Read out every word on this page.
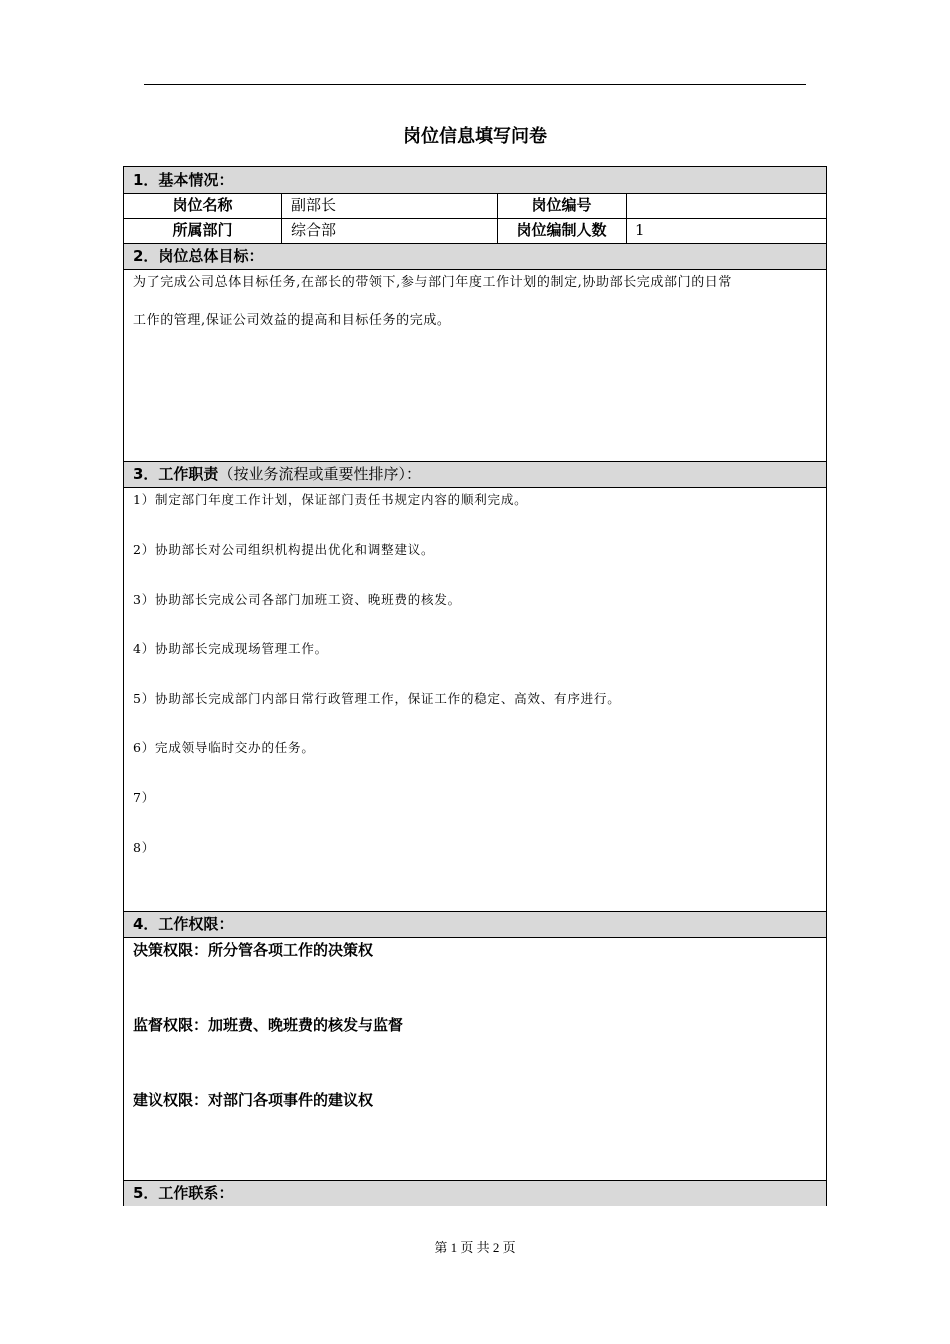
岗位信息填写问卷
1．基本情况：
岗位名称	副部长	岗位编号
所属部门	综合部	岗位编制人数	1
2．岗位总体目标：
为了完成公司总体目标任务,在部长的带领下,参与部门年度工作计划的制定,协助部长完成部门的日常
工作的管理,保证公司效益的提高和目标任务的完成。
3．工作职责（按业务流程或重要性排序）：
1）制定部门年度工作计划，保证部门责任书规定内容的顺利完成。
2）协助部长对公司组织机构提出优化和调整建议。
3）协助部长完成公司各部门加班工资、晚班费的核发。
4）协助部长完成现场管理工作。
5）协助部长完成部门内部日常行政管理工作，保证工作的稳定、高效、有序进行。
6）完成领导临时交办的任务。
7）
8）
4．工作权限：
决策权限：所分管各项工作的决策权
监督权限：加班费、晚班费的核发与监督
建议权限：对部门各项事件的建议权
5．工作联系：
第 1 页 共 2 页
